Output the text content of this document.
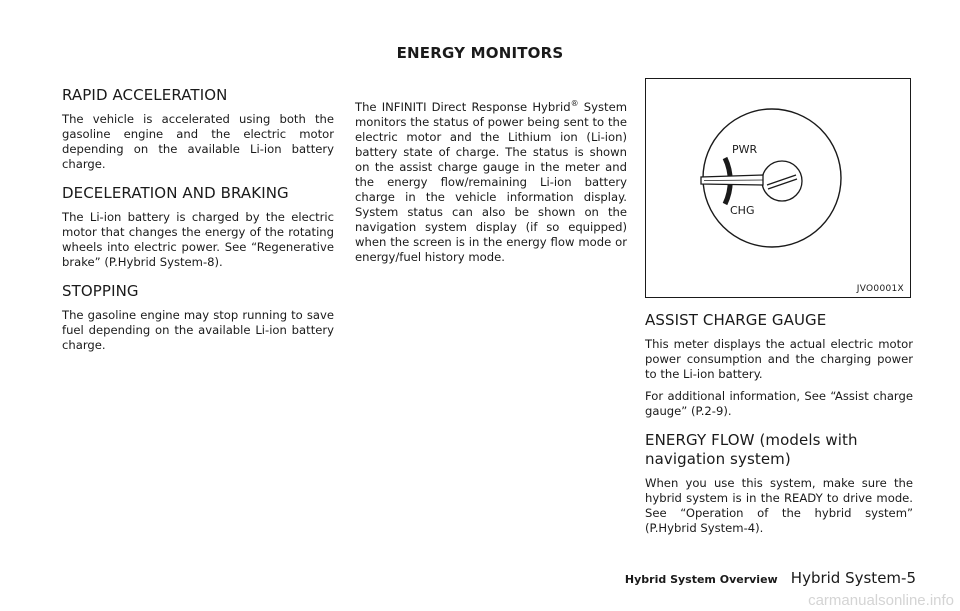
ENERGY MONITORS
RAPID ACCELERATION

The vehicle is accelerated using both the gasoline engine and the electric motor depending on the available Li-ion battery charge.

DECELERATION AND BRAKING

The Li-ion battery is charged by the electric motor that changes the energy of the rotating wheels into electric power. See “Regenerative brake” (P.Hybrid System-8).

STOPPING

The gasoline engine may stop running to save fuel depending on the available Li-ion battery charge.

The INFINITI Direct Response Hybrid® System monitors the status of power being sent to the electric motor and the Lithium ion (Li-ion) battery state of charge. The status is shown on the assist charge gauge in the meter and the energy flow/remaining Li-ion battery charge in the vehicle information display. System status can also be shown on the navigation system display (if so equipped) when the screen is in the energy flow mode or energy/fuel history mode.

PWR
CHG
JVO0001X
ASSIST CHARGE GAUGE

This meter displays the actual electric motor power consumption and the charging power to the Li-ion battery.

For additional information, See “Assist charge gauge” (P.2-9).

ENERGY FLOW (models with navigation system)

When you use this system, make sure the hybrid system is in the READY to drive mode. See “Operation of the hybrid system” (P.Hybrid System-4).

Hybrid System Overview Hybrid System-5
carmanualsonline.info
